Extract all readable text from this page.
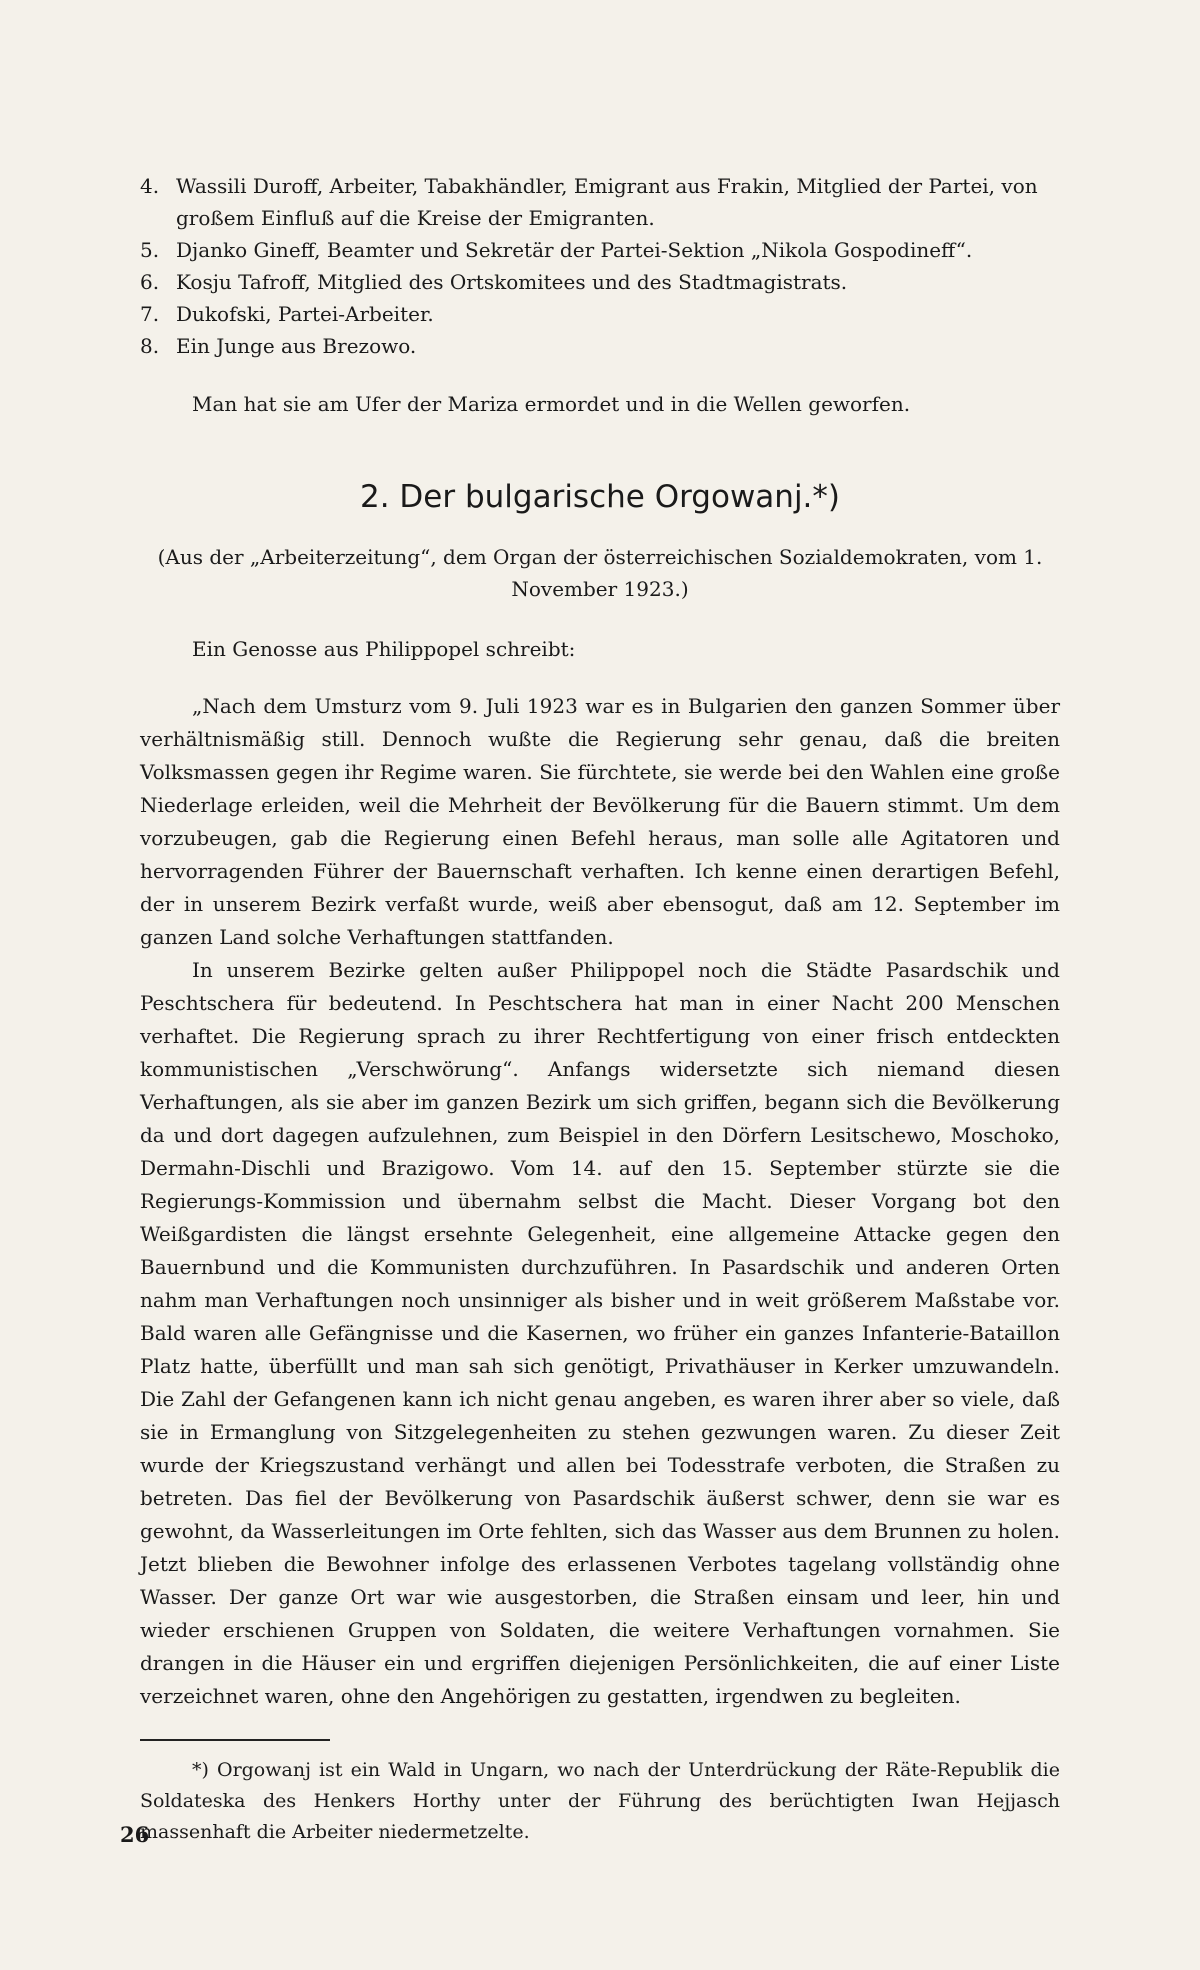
4. Wassili Duroff, Arbeiter, Tabakhändler, Emigrant aus Frakin, Mitglied der Partei, von großem Einfluß auf die Kreise der Emigranten.
5. Djanko Gineff, Beamter und Sekretär der Partei-Sektion „Nikola Gospodineff“.
6. Kosju Tafroff, Mitglied des Ortskomitees und des Stadtmagistrats.
7. Dukofski, Partei-Arbeiter.
8. Ein Junge aus Brezowo.

Man hat sie am Ufer der Mariza ermordet und in die Wellen geworfen.

2. Der bulgarische Orgowanj.*)

(Aus der „Arbeiterzeitung“, dem Organ der österreichischen Sozialdemokraten, vom 1. November 1923.)

Ein Genosse aus Philippopel schreibt:

„Nach dem Umsturz vom 9. Juli 1923 war es in Bulgarien den ganzen Sommer über verhältnismäßig still. Dennoch wußte die Regierung sehr genau, daß die breiten Volksmassen gegen ihr Regime waren. Sie fürchtete, sie werde bei den Wahlen eine große Niederlage erleiden, weil die Mehrheit der Bevölkerung für die Bauern stimmt. Um dem vorzubeugen, gab die Regierung einen Befehl heraus, man solle alle Agitatoren und hervorragenden Führer der Bauernschaft verhaften. Ich kenne einen derartigen Befehl, der in unserem Bezirk verfaßt wurde, weiß aber ebensogut, daß am 12. September im ganzen Land solche Verhaftungen stattfanden.

In unserem Bezirke gelten außer Philippopel noch die Städte Pasardschik und Peschtschera für bedeutend. In Peschtschera hat man in einer Nacht 200 Menschen verhaftet. Die Regierung sprach zu ihrer Rechtfertigung von einer frisch entdeckten kommunistischen „Verschwörung“. Anfangs widersetzte sich niemand diesen Verhaftungen, als sie aber im ganzen Bezirk um sich griffen, begann sich die Bevölkerung da und dort dagegen aufzulehnen, zum Beispiel in den Dörfern Lesitschewo, Moschoko, Dermahn-Dischli und Brazigowo. Vom 14. auf den 15. September stürzte sie die Regierungs-Kommission und übernahm selbst die Macht. Dieser Vorgang bot den Weißgardisten die längst ersehnte Gelegenheit, eine allgemeine Attacke gegen den Bauernbund und die Kommunisten durchzuführen. In Pasardschik und anderen Orten nahm man Verhaftungen noch unsinniger als bisher und in weit größerem Maßstabe vor. Bald waren alle Gefängnisse und die Kasernen, wo früher ein ganzes Infanterie-Bataillon Platz hatte, überfüllt und man sah sich genötigt, Privathäuser in Kerker umzuwandeln. Die Zahl der Gefangenen kann ich nicht genau angeben, es waren ihrer aber so viele, daß sie in Ermanglung von Sitzgelegenheiten zu stehen gezwungen waren. Zu dieser Zeit wurde der Kriegszustand verhängt und allen bei Todesstrafe verboten, die Straßen zu betreten. Das fiel der Bevölkerung von Pasardschik äußerst schwer, denn sie war es gewohnt, da Wasserleitungen im Orte fehlten, sich das Wasser aus dem Brunnen zu holen. Jetzt blieben die Bewohner infolge des erlassenen Verbotes tagelang vollständig ohne Wasser. Der ganze Ort war wie ausgestorben, die Straßen einsam und leer, hin und wieder erschienen Gruppen von Soldaten, die weitere Verhaftungen vornahmen. Sie drangen in die Häuser ein und ergriffen diejenigen Persönlichkeiten, die auf einer Liste verzeichnet waren, ohne den Angehörigen zu gestatten, irgendwen zu begleiten.

*) Orgowanj ist ein Wald in Ungarn, wo nach der Unterdrückung der Räte-Republik die Soldateska des Henkers Horthy unter der Führung des berüchtigten Iwan Hejjasch massenhaft die Arbeiter niedermetzelte.

26
